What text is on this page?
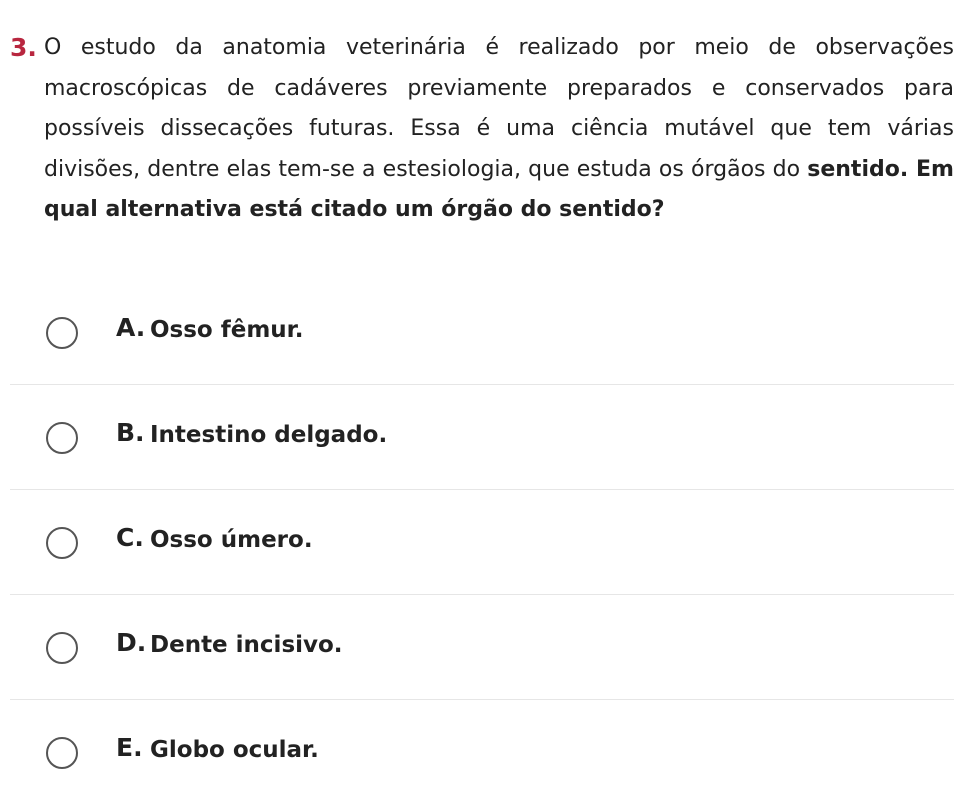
3. O estudo da anatomia veterinária é realizado por meio de observações macroscópicas de cadáveres previamente preparados e conservados para possíveis dissecações futuras. Essa é uma ciência mutável que tem várias divisões, dentre elas tem-se a estesiologia, que estuda os órgãos do sentido. Em qual alternativa está citado um órgão do sentido?
A. Osso fêmur.
B. Intestino delgado.
C. Osso úmero.
D. Dente incisivo.
E. Globo ocular.
